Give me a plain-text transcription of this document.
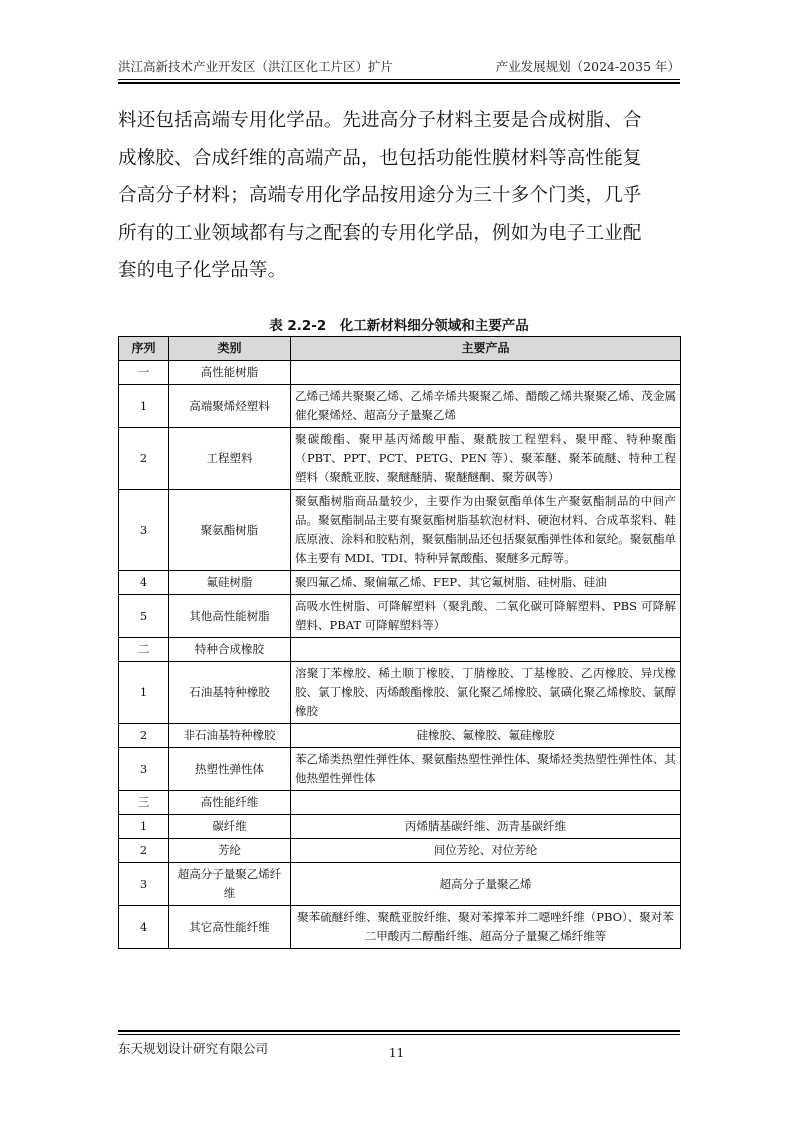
洪江高新技术产业开发区（洪江区化工片区）扩片	产业发展规划（2024-2035 年）

料还包括高端专用化学品。先进高分子材料主要是合成树脂、合

成橡胶、合成纤维的高端产品，也包括功能性膜材料等高性能复

合高分子材料；高端专用化学品按用途分为三十多个门类，几乎

所有的工业领域都有与之配套的专用化学品，例如为电子工业配

套的电子化学品等。

表 2.2-2　化工新材料细分领域和主要产品
序列	类别	主要产品
一	高性能树脂	
1	高端聚烯烃塑料	乙烯己烯共聚聚乙烯、乙烯辛烯共聚聚乙烯、醋酸乙烯共聚聚乙烯、茂金属催化聚烯烃、超高分子量聚乙烯
2	工程塑料	聚碳酸酯、聚甲基丙烯酸甲酯、聚酰胺工程塑料、聚甲醛、特种聚酯（PBT、PPT、PCT、PETG、PEN 等）、聚苯醚、聚苯硫醚、特种工程塑料（聚酰亚胺、聚醚醚腈、聚醚醚酮、聚芳砜等）
3	聚氨酯树脂	聚氨酯树脂商品量较少，主要作为由聚氨酯单体生产聚氨酯制品的中间产品。聚氨酯制品主要有聚氨酯树脂基软泡材料、硬泡材料、合成革浆料、鞋底原液、涂料和胶粘剂，聚氨酯制品还包括聚氨酯弹性体和氨纶。聚氨酯单体主要有 MDI、TDI、特种异氰酸酯、聚醚多元醇等。
4	氟硅树脂	聚四氟乙烯、聚偏氟乙烯、FEP、其它氟树脂、硅树脂、硅油
5	其他高性能树脂	高吸水性树脂、可降解塑料（聚乳酸、二氧化碳可降解塑料、PBS 可降解塑料、PBAT 可降解塑料等）
二	特种合成橡胶	
1	石油基特种橡胶	溶聚丁苯橡胶、稀土顺丁橡胶、丁腈橡胶、丁基橡胶、乙丙橡胶、异戊橡胶、氯丁橡胶、丙烯酸酯橡胶、氯化聚乙烯橡胶、氯磺化聚乙烯橡胶、氯醇橡胶
2	非石油基特种橡胶	硅橡胶、氟橡胶、氟硅橡胶
3	热塑性弹性体	苯乙烯类热塑性弹性体、聚氨酯热塑性弹性体、聚烯烃类热塑性弹性体、其他热塑性弹性体
三	高性能纤维	
1	碳纤维	丙烯腈基碳纤维、沥青基碳纤维
2	芳纶	间位芳纶、对位芳纶
3	超高分子量聚乙烯纤维	超高分子量聚乙烯
4	其它高性能纤维	聚苯硫醚纤维、聚酰亚胺纤维、聚对苯撑苯并二噁唑纤维（PBO）、聚对苯二甲酸丙二醇酯纤维、超高分子量聚乙烯纤维等
东天规划设计研究有限公司	11
